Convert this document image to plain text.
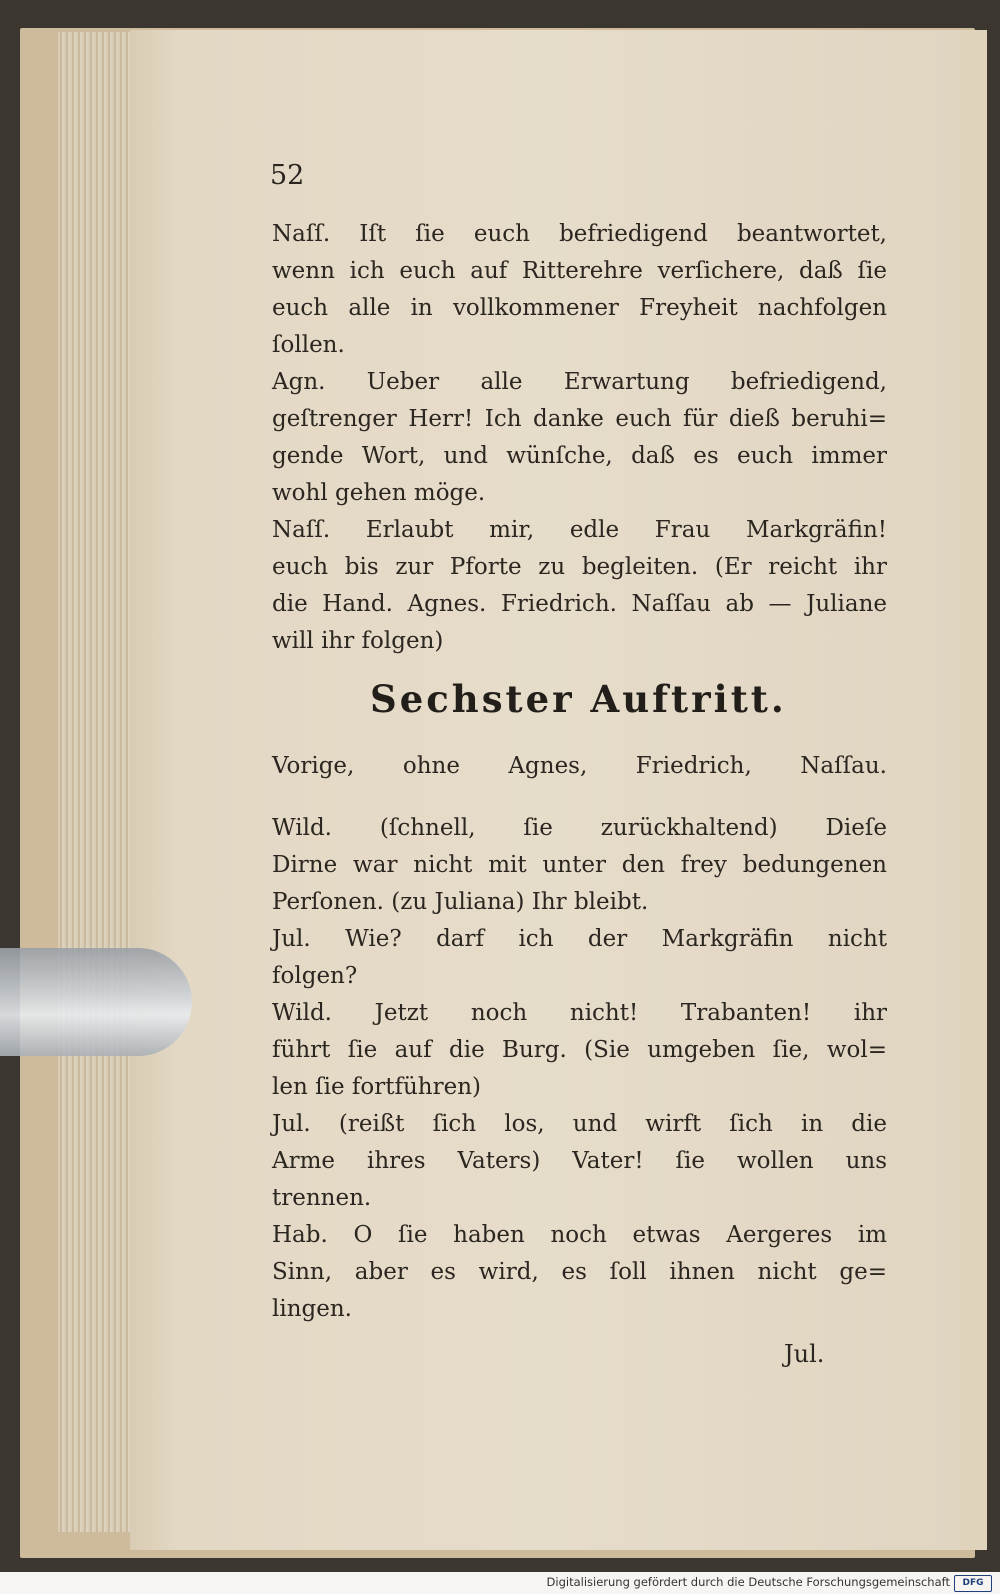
52
Naſſ. Iſt ſie euch befriedigend beantwortet,
wenn ich euch auf Ritterehre verſichere, daß ſie
euch alle in vollkommener Freyheit nachfolgen
ſollen.
Agn. Ueber alle Erwartung befriedigend,
geſtrenger Herr! Ich danke euch für dieß beruhi=
gende Wort, und wünſche, daß es euch immer
wohl gehen möge.
Naſſ. Erlaubt mir, edle Frau Markgräfin!
euch bis zur Pforte zu begleiten. (Er reicht ihr
die Hand. Agnes. Friedrich. Naſſau ab — Juliane
will ihr folgen)
Sechster Auftritt.
Vorige, ohne Agnes, Friedrich, Naſſau.
Wild. (ſchnell, ſie zurückhaltend) Dieſe
Dirne war nicht mit unter den frey bedungenen
Perſonen. (zu Juliana) Ihr bleibt.
Jul. Wie? darf ich der Markgräfin nicht
folgen?
Wild. Jetzt noch nicht! Trabanten! ihr
führt ſie auf die Burg. (Sie umgeben ſie, wol=
len ſie fortführen)
Jul. (reißt ſich los, und wirft ſich in die
Arme ihres Vaters) Vater! ſie wollen uns
trennen.
Hab. O ſie haben noch etwas Aergeres im
Sinn, aber es wird, es ſoll ihnen nicht ge=
lingen.
Jul.
Digitalisierung gefördert durch die Deutsche Forschungsgemeinschaft	DFG
